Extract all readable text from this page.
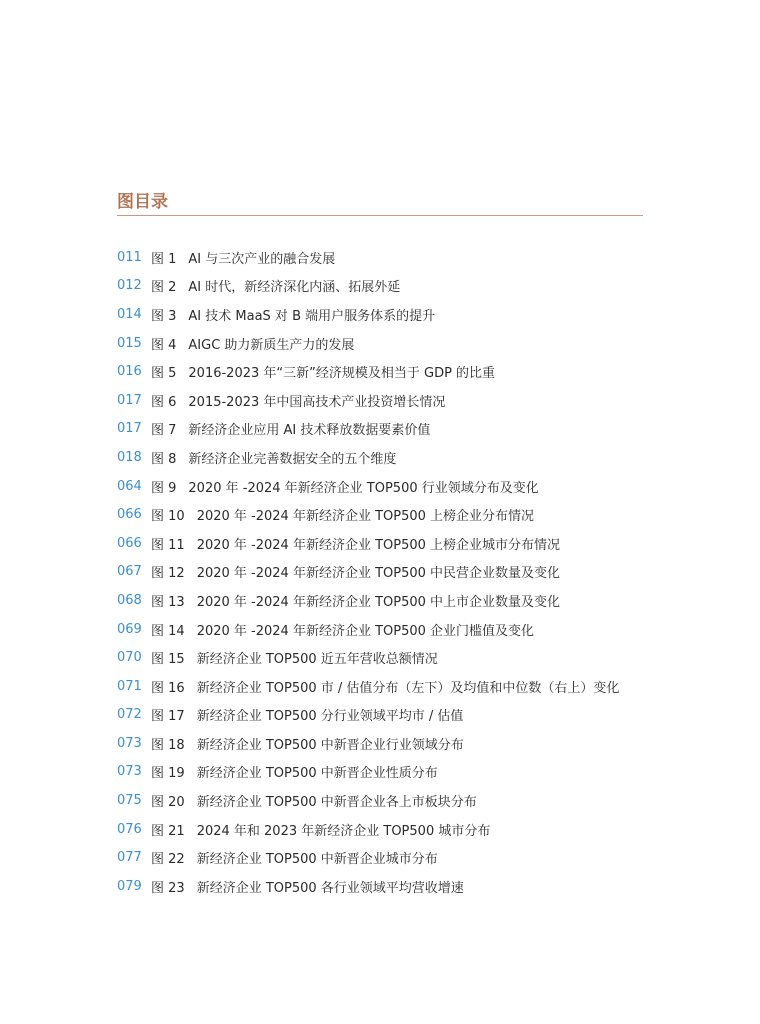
图目录
011 图 1 AI 与三次产业的融合发展
012 图 2 AI 时代，新经济深化内涵、拓展外延
014 图 3 AI 技术 MaaS 对 B 端用户服务体系的提升
015 图 4 AIGC 助力新质生产力的发展
016 图 5 2016-2023 年“三新”经济规模及相当于 GDP 的比重
017 图 6 2015-2023 年中国高技术产业投资增长情况
017 图 7 新经济企业应用 AI 技术释放数据要素价值
018 图 8 新经济企业完善数据安全的五个维度
064 图 9 2020 年 -2024 年新经济企业 TOP500 行业领域分布及变化
066 图 10 2020 年 -2024 年新经济企业 TOP500 上榜企业分布情况
066 图 11 2020 年 -2024 年新经济企业 TOP500 上榜企业城市分布情况
067 图 12 2020 年 -2024 年新经济企业 TOP500 中民营企业数量及变化
068 图 13 2020 年 -2024 年新经济企业 TOP500 中上市企业数量及变化
069 图 14 2020 年 -2024 年新经济企业 TOP500 企业门槛值及变化
070 图 15 新经济企业 TOP500 近五年营收总额情况
071 图 16 新经济企业 TOP500 市 / 估值分布（左下）及均值和中位数（右上）变化
072 图 17 新经济企业 TOP500 分行业领域平均市 / 估值
073 图 18 新经济企业 TOP500 中新晋企业行业领域分布
073 图 19 新经济企业 TOP500 中新晋企业性质分布
075 图 20 新经济企业 TOP500 中新晋企业各上市板块分布
076 图 21 2024 年和 2023 年新经济企业 TOP500 城市分布
077 图 22 新经济企业 TOP500 中新晋企业城市分布
079 图 23 新经济企业 TOP500 各行业领域平均营收增速
